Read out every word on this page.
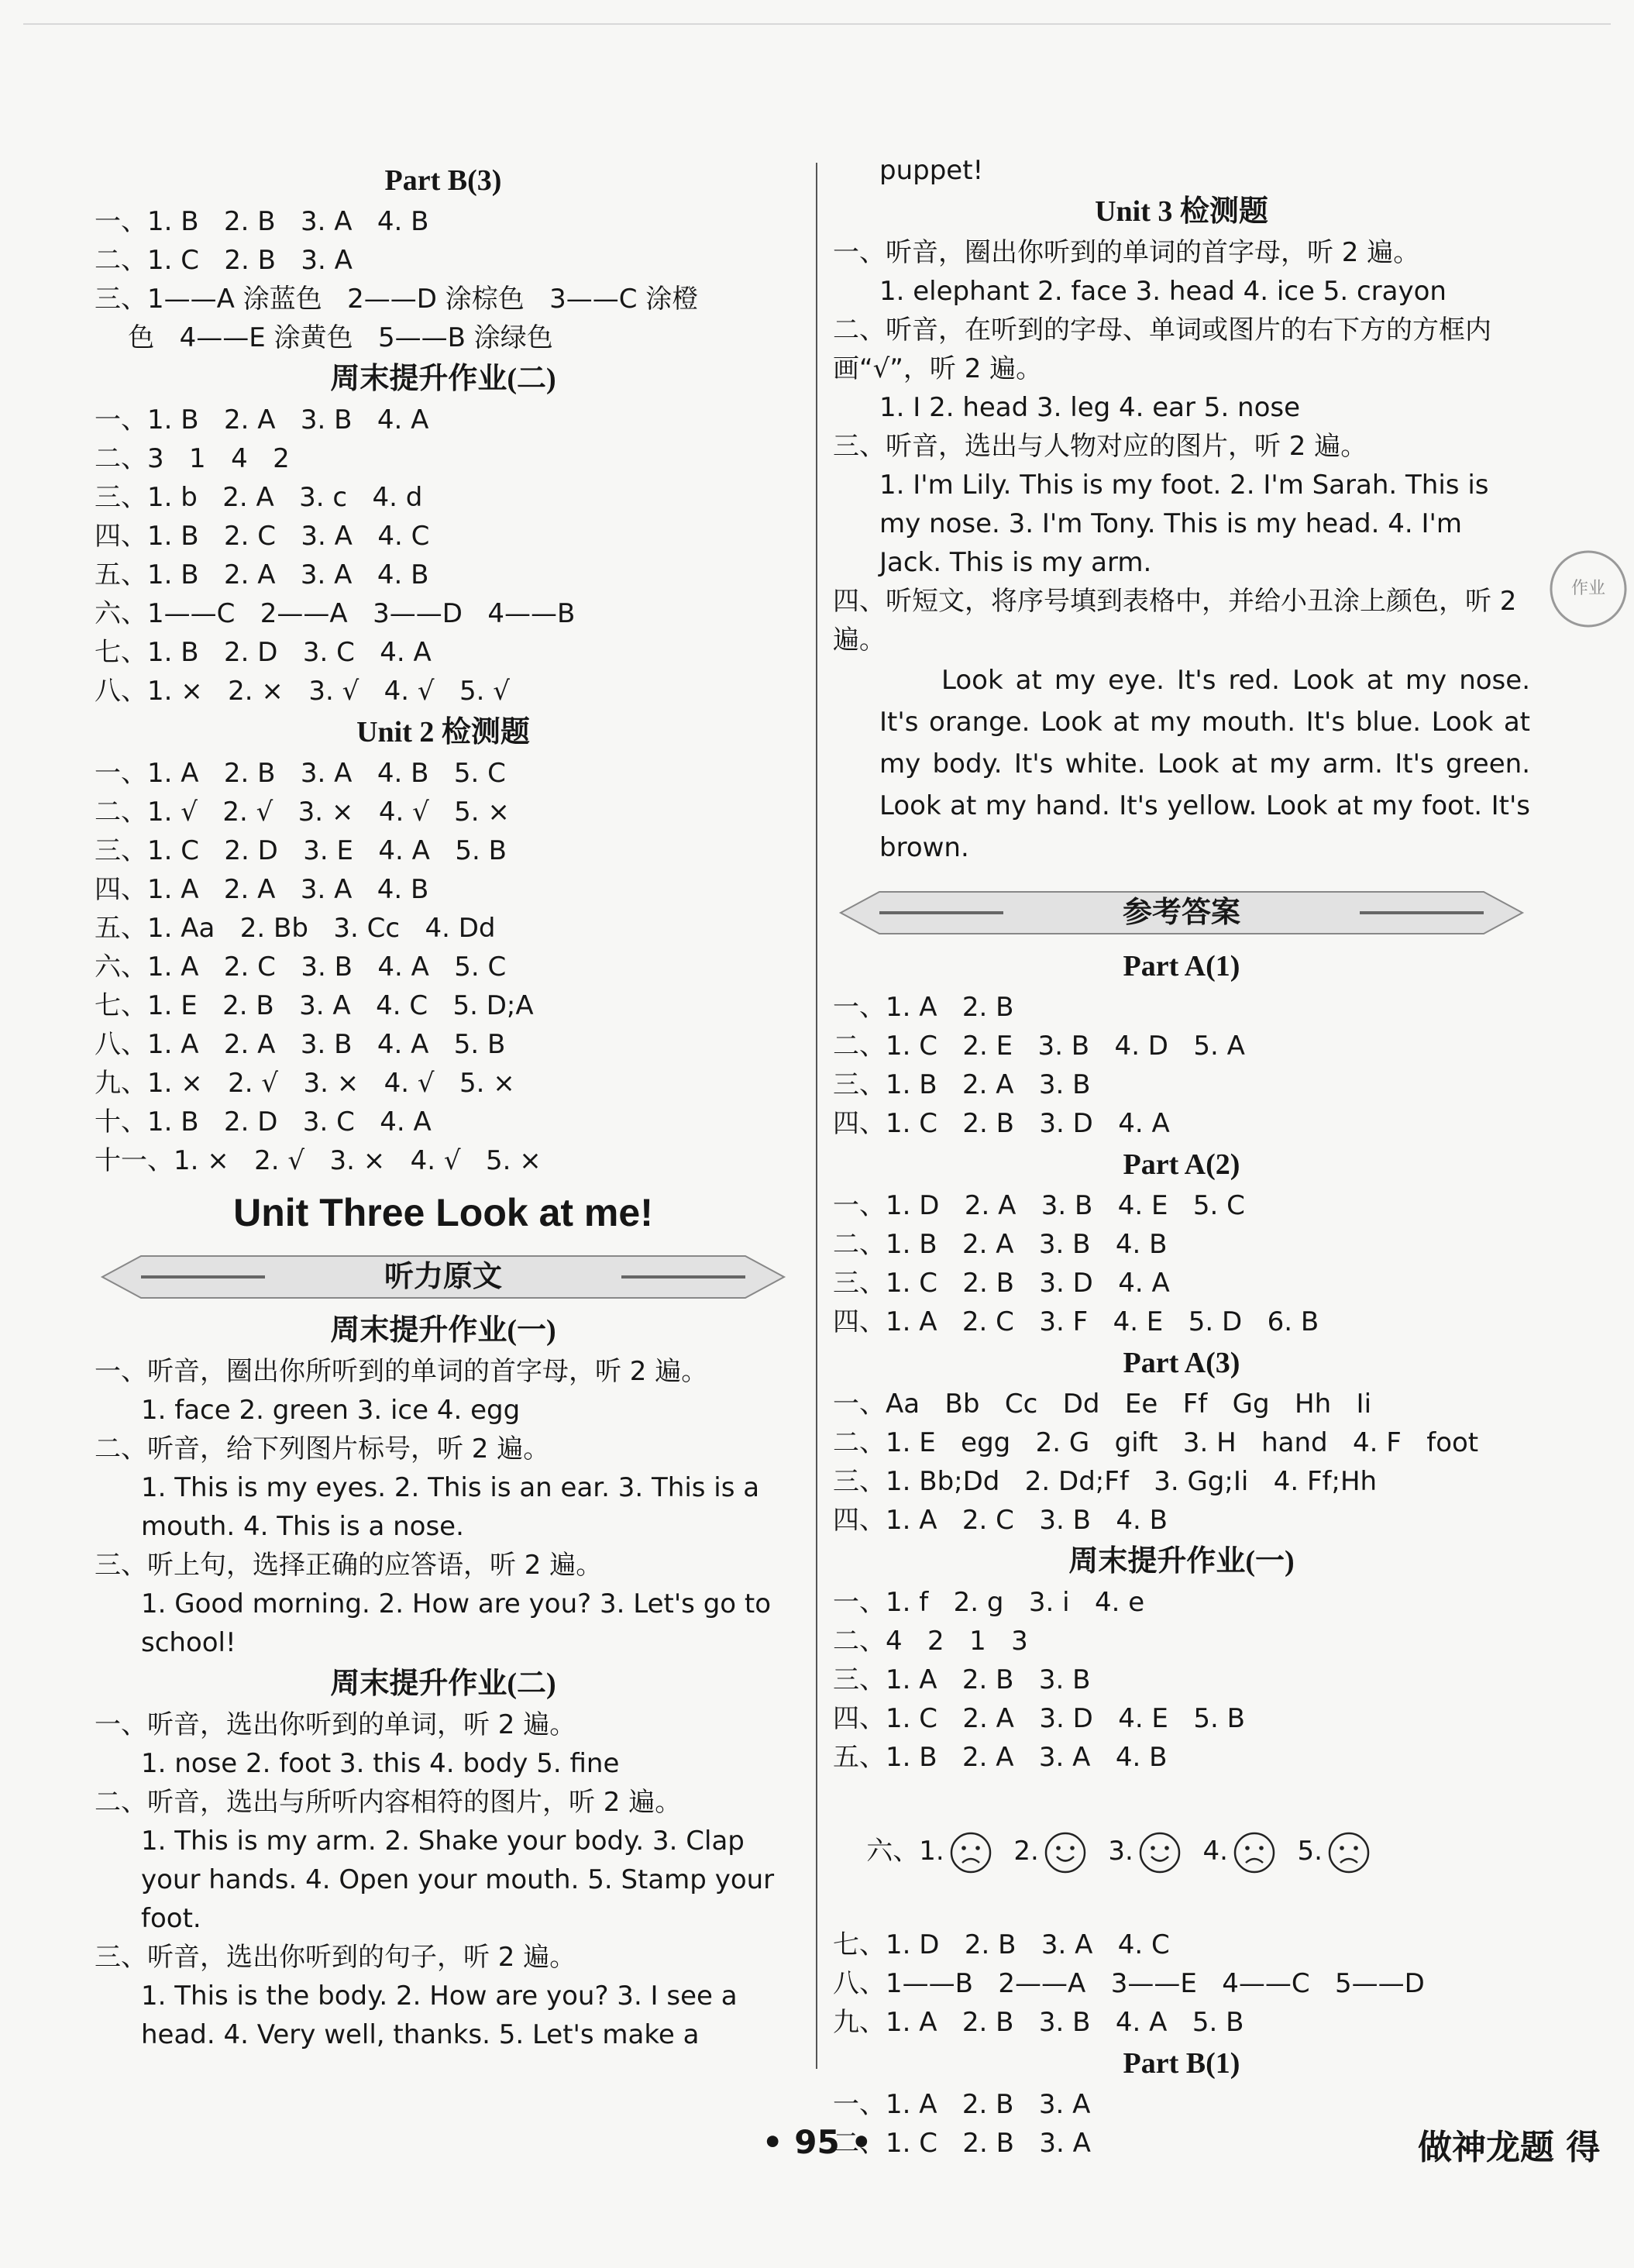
Part B(3)
一、1. B   2. B   3. A   4. B
二、1. C   2. B   3. A
三、1——A 涂蓝色   2——D 涂棕色   3——C 涂橙
色   4——E 涂黄色   5——B 涂绿色
周末提升作业(二)
一、1. B   2. A   3. B   4. A
二、3   1   4   2
三、1. b   2. A   3. c   4. d
四、1. B   2. C   3. A   4. C
五、1. B   2. A   3. A   4. B
六、1——C   2——A   3——D   4——B
七、1. B   2. D   3. C   4. A
八、1. ×   2. ×   3. √   4. √   5. √
Unit 2 检测题
一、1. A   2. B   3. A   4. B   5. C
二、1. √   2. √   3. ×   4. √   5. ×
三、1. C   2. D   3. E   4. A   5. B
四、1. A   2. A   3. A   4. B
五、1. Aa   2. Bb   3. Cc   4. Dd
六、1. A   2. C   3. B   4. A   5. C
七、1. E   2. B   3. A   4. C   5. D;A
八、1. A   2. A   3. B   4. A   5. B
九、1. ×   2. √   3. ×   4. √   5. ×
十、1. B   2. D   3. C   4. A
十一、1. ×   2. √   3. ×   4. √   5. ×
Unit Three Look at me!
听力原文
周末提升作业(一)
一、听音，圈出你所听到的单词的首字母，听 2 遍。
1. face 2. green 3. ice 4. egg
二、听音，给下列图片标号，听 2 遍。
1. This is my eyes. 2. This is an ear. 3. This is a mouth. 4. This is a nose.
三、听上句，选择正确的应答语，听 2 遍。
1. Good morning. 2. How are you? 3. Let's go to school!
周末提升作业(二)
一、听音，选出你听到的单词，听 2 遍。
1. nose 2. foot 3. this 4. body 5. fine
二、听音，选出与所听内容相符的图片，听 2 遍。
1. This is my arm. 2. Shake your body. 3. Clap your hands. 4. Open your mouth. 5. Stamp your foot.
三、听音，选出你听到的句子，听 2 遍。
1. This is the body. 2. How are you? 3. I see a head. 4. Very well, thanks. 5. Let's make a
puppet!
Unit 3 检测题
一、听音，圈出你听到的单词的首字母，听 2 遍。
1. elephant 2. face 3. head 4. ice 5. crayon
二、听音，在听到的字母、单词或图片的右下方的方框内画“√”，听 2 遍。
1. I 2. head 3. leg 4. ear 5. nose
三、听音，选出与人物对应的图片，听 2 遍。
1. I'm Lily. This is my foot. 2. I'm Sarah. This is my nose. 3. I'm Tony. This is my head. 4. I'm Jack. This is my arm.
四、听短文，将序号填到表格中，并给小丑涂上颜色，听 2 遍。
Look at my eye. It's red. Look at my nose. It's orange. Look at my mouth. It's blue. Look at my body. It's white. Look at my arm. It's green. Look at my hand. It's yellow. Look at my foot. It's brown.
参考答案
Part A(1)
一、1. A   2. B
二、1. C   2. E   3. B   4. D   5. A
三、1. B   2. A   3. B
四、1. C   2. B   3. D   4. A
Part A(2)
一、1. D   2. A   3. B   4. E   5. C
二、1. B   2. A   3. B   4. B
三、1. C   2. B   3. D   4. A
四、1. A   2. C   3. F   4. E   5. D   6. B
Part A(3)
一、Aa   Bb   Cc   Dd   Ee   Ff   Gg   Hh   Ii
二、1. E   egg   2. G   gift   3. H   hand   4. F   foot
三、1. Bb;Dd   2. Dd;Ff   3. Gg;Ii   4. Ff;Hh
四、1. A   2. C   3. B   4. B
周末提升作业(一)
一、1. f   2. g   3. i   4. e
二、4   2   1   3
三、1. A   2. B   3. B
四、1. C   2. A   3. D   4. E   5. B
五、1. B   2. A   3. A   4. B

六、1.	2.	3.	4.	5.

七、1. D   2. B   3. A   4. C
八、1——B   2——A   3——E   4——C   5——D
九、1. A   2. B   3. B   4. A   5. B
Part B(1)
一、1. A   2. B   3. A
二、1. C   2. B   3. A
作业
• 95 •	做神龙题 得
